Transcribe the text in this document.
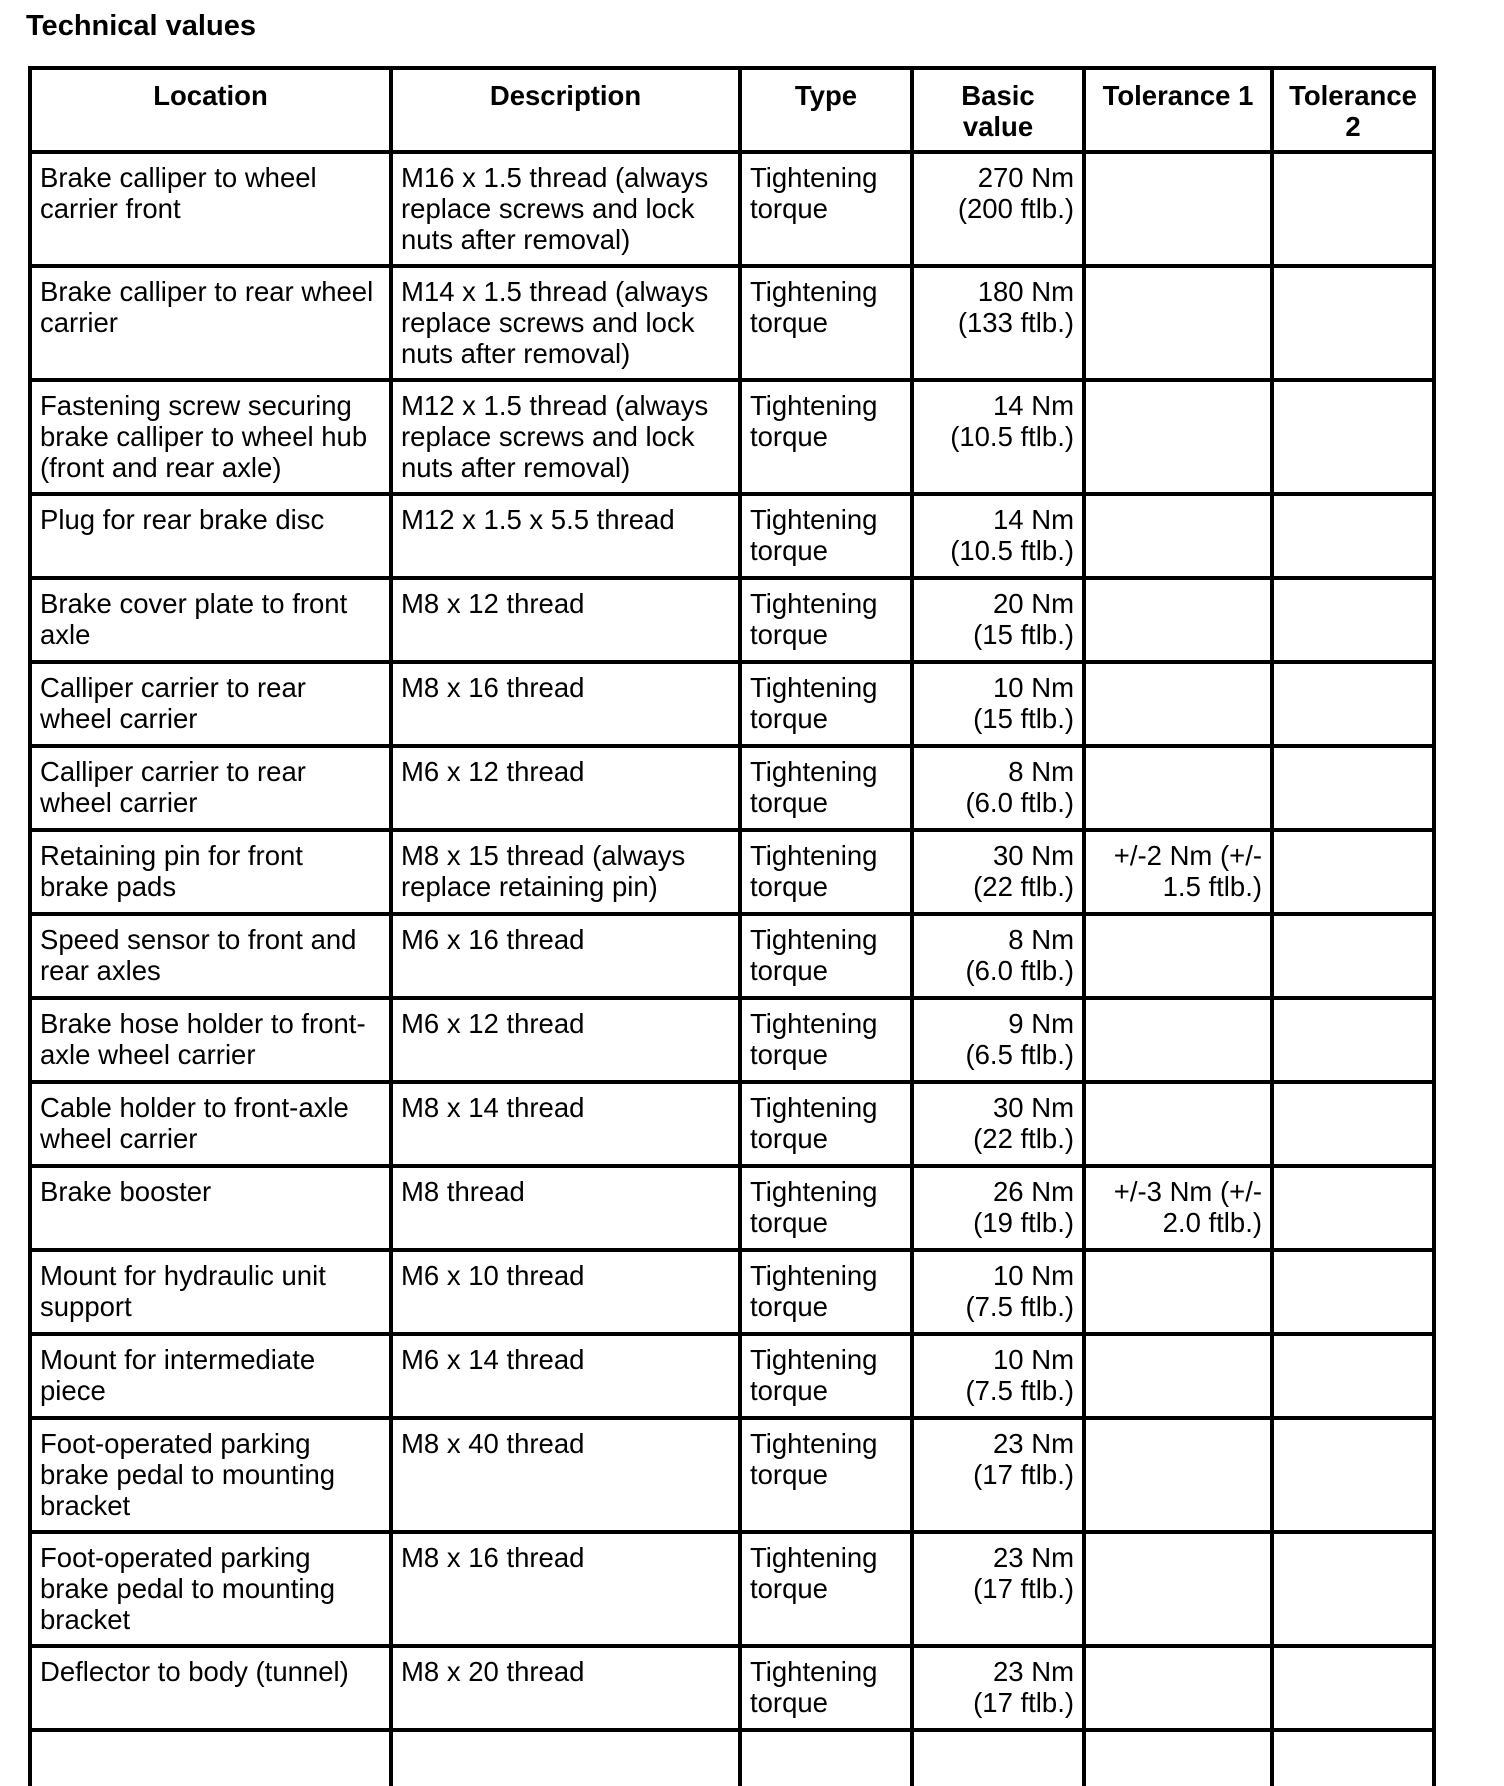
Technical values
Location	Description	Type	Basic
value	Tolerance 1	Tolerance
2

Brake calliper to wheel
carrier front	M16 x 1.5 thread (always
replace screws and lock
nuts after removal)	Tightening
torque	270 Nm
(200 ftlb.)		

Brake calliper to rear wheel
carrier	M14 x 1.5 thread (always
replace screws and lock
nuts after removal)	Tightening
torque	180 Nm
(133 ftlb.)		

Fastening screw securing
brake calliper to wheel hub
(front and rear axle)	M12 x 1.5 thread (always
replace screws and lock
nuts after removal)	Tightening
torque	14 Nm
(10.5 ftlb.)		

Plug for rear brake disc	M12 x 1.5 x 5.5 thread	Tightening
torque	14 Nm
(10.5 ftlb.)		

Brake cover plate to front
axle	M8 x 12 thread	Tightening
torque	20 Nm
(15 ftlb.)		

Calliper carrier to rear
wheel carrier	M8 x 16 thread	Tightening
torque	10 Nm
(15 ftlb.)		

Calliper carrier to rear
wheel carrier	M6 x 12 thread	Tightening
torque	8 Nm
(6.0 ftlb.)		

Retaining pin for front
brake pads	M8 x 15 thread (always
replace retaining pin)	Tightening
torque	30 Nm
(22 ftlb.)	+/-2 Nm (+/-
1.5 ftlb.)	

Speed sensor to front and
rear axles	M6 x 16 thread	Tightening
torque	8 Nm
(6.0 ftlb.)		

Brake hose holder to front-
axle wheel carrier	M6 x 12 thread	Tightening
torque	9 Nm
(6.5 ftlb.)		

Cable holder to front-axle
wheel carrier	M8 x 14 thread	Tightening
torque	30 Nm
(22 ftlb.)		

Brake booster	M8 thread	Tightening
torque	26 Nm
(19 ftlb.)	+/-3 Nm (+/-
2.0 ftlb.)	

Mount for hydraulic unit
support	M6 x 10 thread	Tightening
torque	10 Nm
(7.5 ftlb.)		

Mount for intermediate
piece	M6 x 14 thread	Tightening
torque	10 Nm
(7.5 ftlb.)		

Foot-operated parking
brake pedal to mounting
bracket	M8 x 40 thread	Tightening
torque	23 Nm
(17 ftlb.)		

Foot-operated parking
brake pedal to mounting
bracket	M8 x 16 thread	Tightening
torque	23 Nm
(17 ftlb.)		

Deflector to body (tunnel)	M8 x 20 thread	Tightening
torque	23 Nm
(17 ftlb.)		
